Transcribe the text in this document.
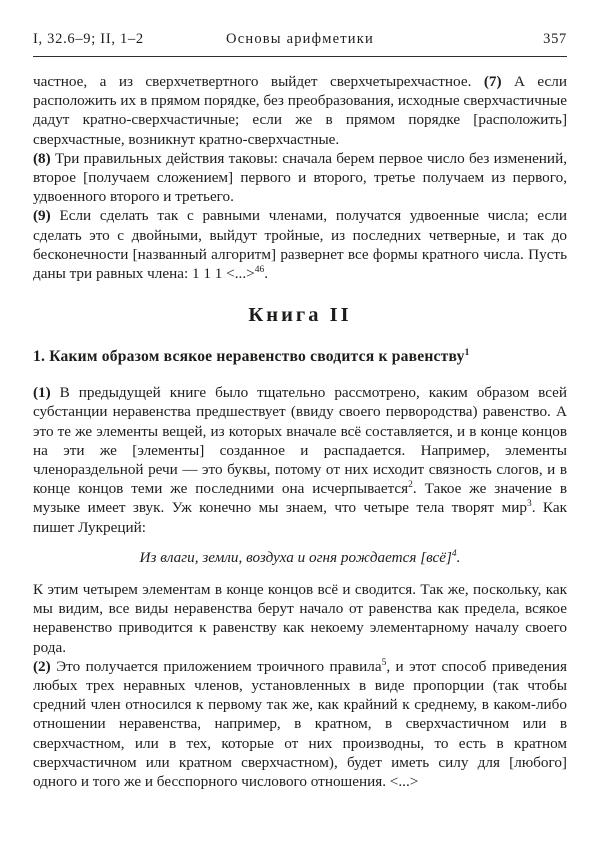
I, 32.6–9; II, 1–2	Основы арифметики	357

частное, а из сверхчетвертного выйдет сверхчетырехчастное. (7) А если расположить их в прямом порядке, без преобразования, исходные сверхчастичные дадут кратно-сверхчастичные; если же в прямом порядке [расположить] сверхчастные, возникнут кратно-сверхчастные.

(8) Три правильных действия таковы: сначала берем первое число без изменений, второе [получаем сложением] первого и второго, третье получаем из первого, удвоенного второго и третьего.

(9) Если сделать так с равными членами, получатся удвоенные числа; если сделать это с двойными, выйдут тройные, из последних четверные, и так до бесконечности [названный алгоритм] развернет все формы кратного числа. Пусть даны три равных члена: 1 1 1 <...>$^{46}$.

Книга II
1. Каким образом всякое неравенство сводится к равенству$^1$

(1) В предыдущей книге было тщательно рассмотрено, каким образом всей субстанции неравенства предшествует (ввиду своего первородства) равенство. А это те же элементы вещей, из которых вначале всё составляется, и в конце концов на эти же [элементы] созданное и распадается. Например, элементы членораздельной речи — это буквы, потому от них исходит связность слогов, и в конце концов теми же последними она исчерпывается$^2$. Такое же значение в музыке имеет звук. Уж конечно мы знаем, что четыре тела творят мир$^3$. Как пишет Лукреций:

Из влаги, земли, воздуха и огня рождается [всё]$^4$.

К этим четырем элементам в конце концов всё и сводится. Так же, поскольку, как мы видим, все виды неравенства берут начало от равенства как предела, всякое неравенство приводится к равенству как некоему элементарному началу своего рода.

(2) Это получается приложением троичного правила$^5$, и этот способ приведения любых трех неравных членов, установленных в виде пропорции (так чтобы средний член относился к первому так же, как крайний к среднему, в каком-либо отношении неравенства, например, в кратном, в сверхчастичном или в сверхчастном, или в тех, которые от них производны, то есть в кратном сверхчастичном или кратном сверхчастном), будет иметь силу для [любого] одного и того же и бесспорного числового отношения. <...>
